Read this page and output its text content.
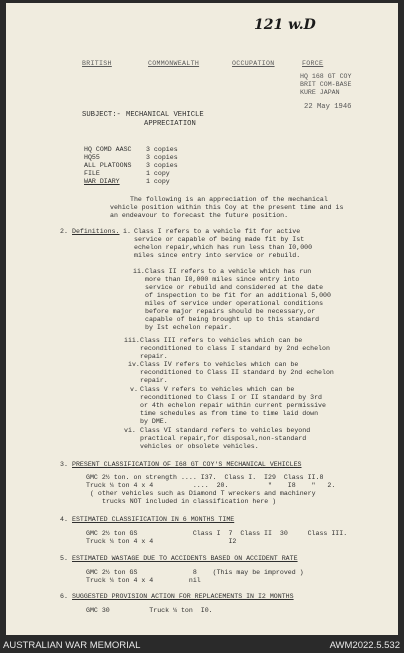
121 w.D
BRITISH	COMMONWEALTH	OCCUPATION	FORCE
HQ 168 GT COY
BRIT COM-BASE
KURE JAPAN
22 May 1946
SUBJECT:- MECHANICAL VEHICLE
APPRECIATION
HQ COMD AASC 3 copies
HQ55	3 copies
ALL PLATOONS 3 copies
FILE	1 copy
WAR DIARY	1 copy
The following is an appreciation of the mechanical
vehicle position within this Coy at the present time and is
an endeavour to forecast the future position.
2. Definitions. i. Class I refers to a vehicle fit for active
service or capable of being made fit by Ist
echelon repair,which has run less than I0,000
miles since entry into service or rebuild.
ii. Class II refers to a vehicle which has run
more than I0,000 miles since entry into
service or rebuild and considered at the date
of inspection to be fit for an additional 5,000
miles of service under operational conditions
before major repairs should be necessary,or
capable of being brought up to this standard
by Ist echelon repair.
iii. Class III refers to vehicles which can be
reconditioned to class I standard by 2nd echelon
repair.
iv. Class IV refers to vehicles which can be
reconditioned to Class II standard by 2nd echelon
repair.
v. Class V refers to vehicles which can be
reconditioned to Class I or II standard by 3rd
or 4th echelon repair within current permissive
time schedules as from time to time laid down
by DME.
vi. Class VI standard refers to vehicles beyond
practical repair,for disposal,non-standard
vehicles or obsolete vehicles.
3. PRESENT CLASSIFICATION OF I68 GT COY'S MECHANICAL VEHICLES
GMC 2½ ton. on strength .... I37.  Class I.  I29  Class II.8
Truck ¼ ton 4 x 4          ....  20.          "    I8    "   2.
( other vehicles such as Diamond T wreckers and machinery
trucks NOT included in classification here )
4. ESTIMATED CLASSIFICATION IN 6 MONTHS TIME
GMC 2½ ton GS              Class I  7  Class II  30     Class III.
Truck ¼ ton 4 x 4                   I2
5. ESTIMATED WASTAGE DUE TO ACCIDENTS BASED ON ACCIDENT RATE
GMC 2½ ton GS              8    (This may be improved )
Truck ¼ ton 4 x 4         nil
6. SUGGESTED PROVISION ACTION FOR REPLACEMENTS IN I2 MONTHS
GMC 30          Truck ¼ ton  I0.
AUSTRALIAN WAR MEMORIAL	AWM2022.5.532
